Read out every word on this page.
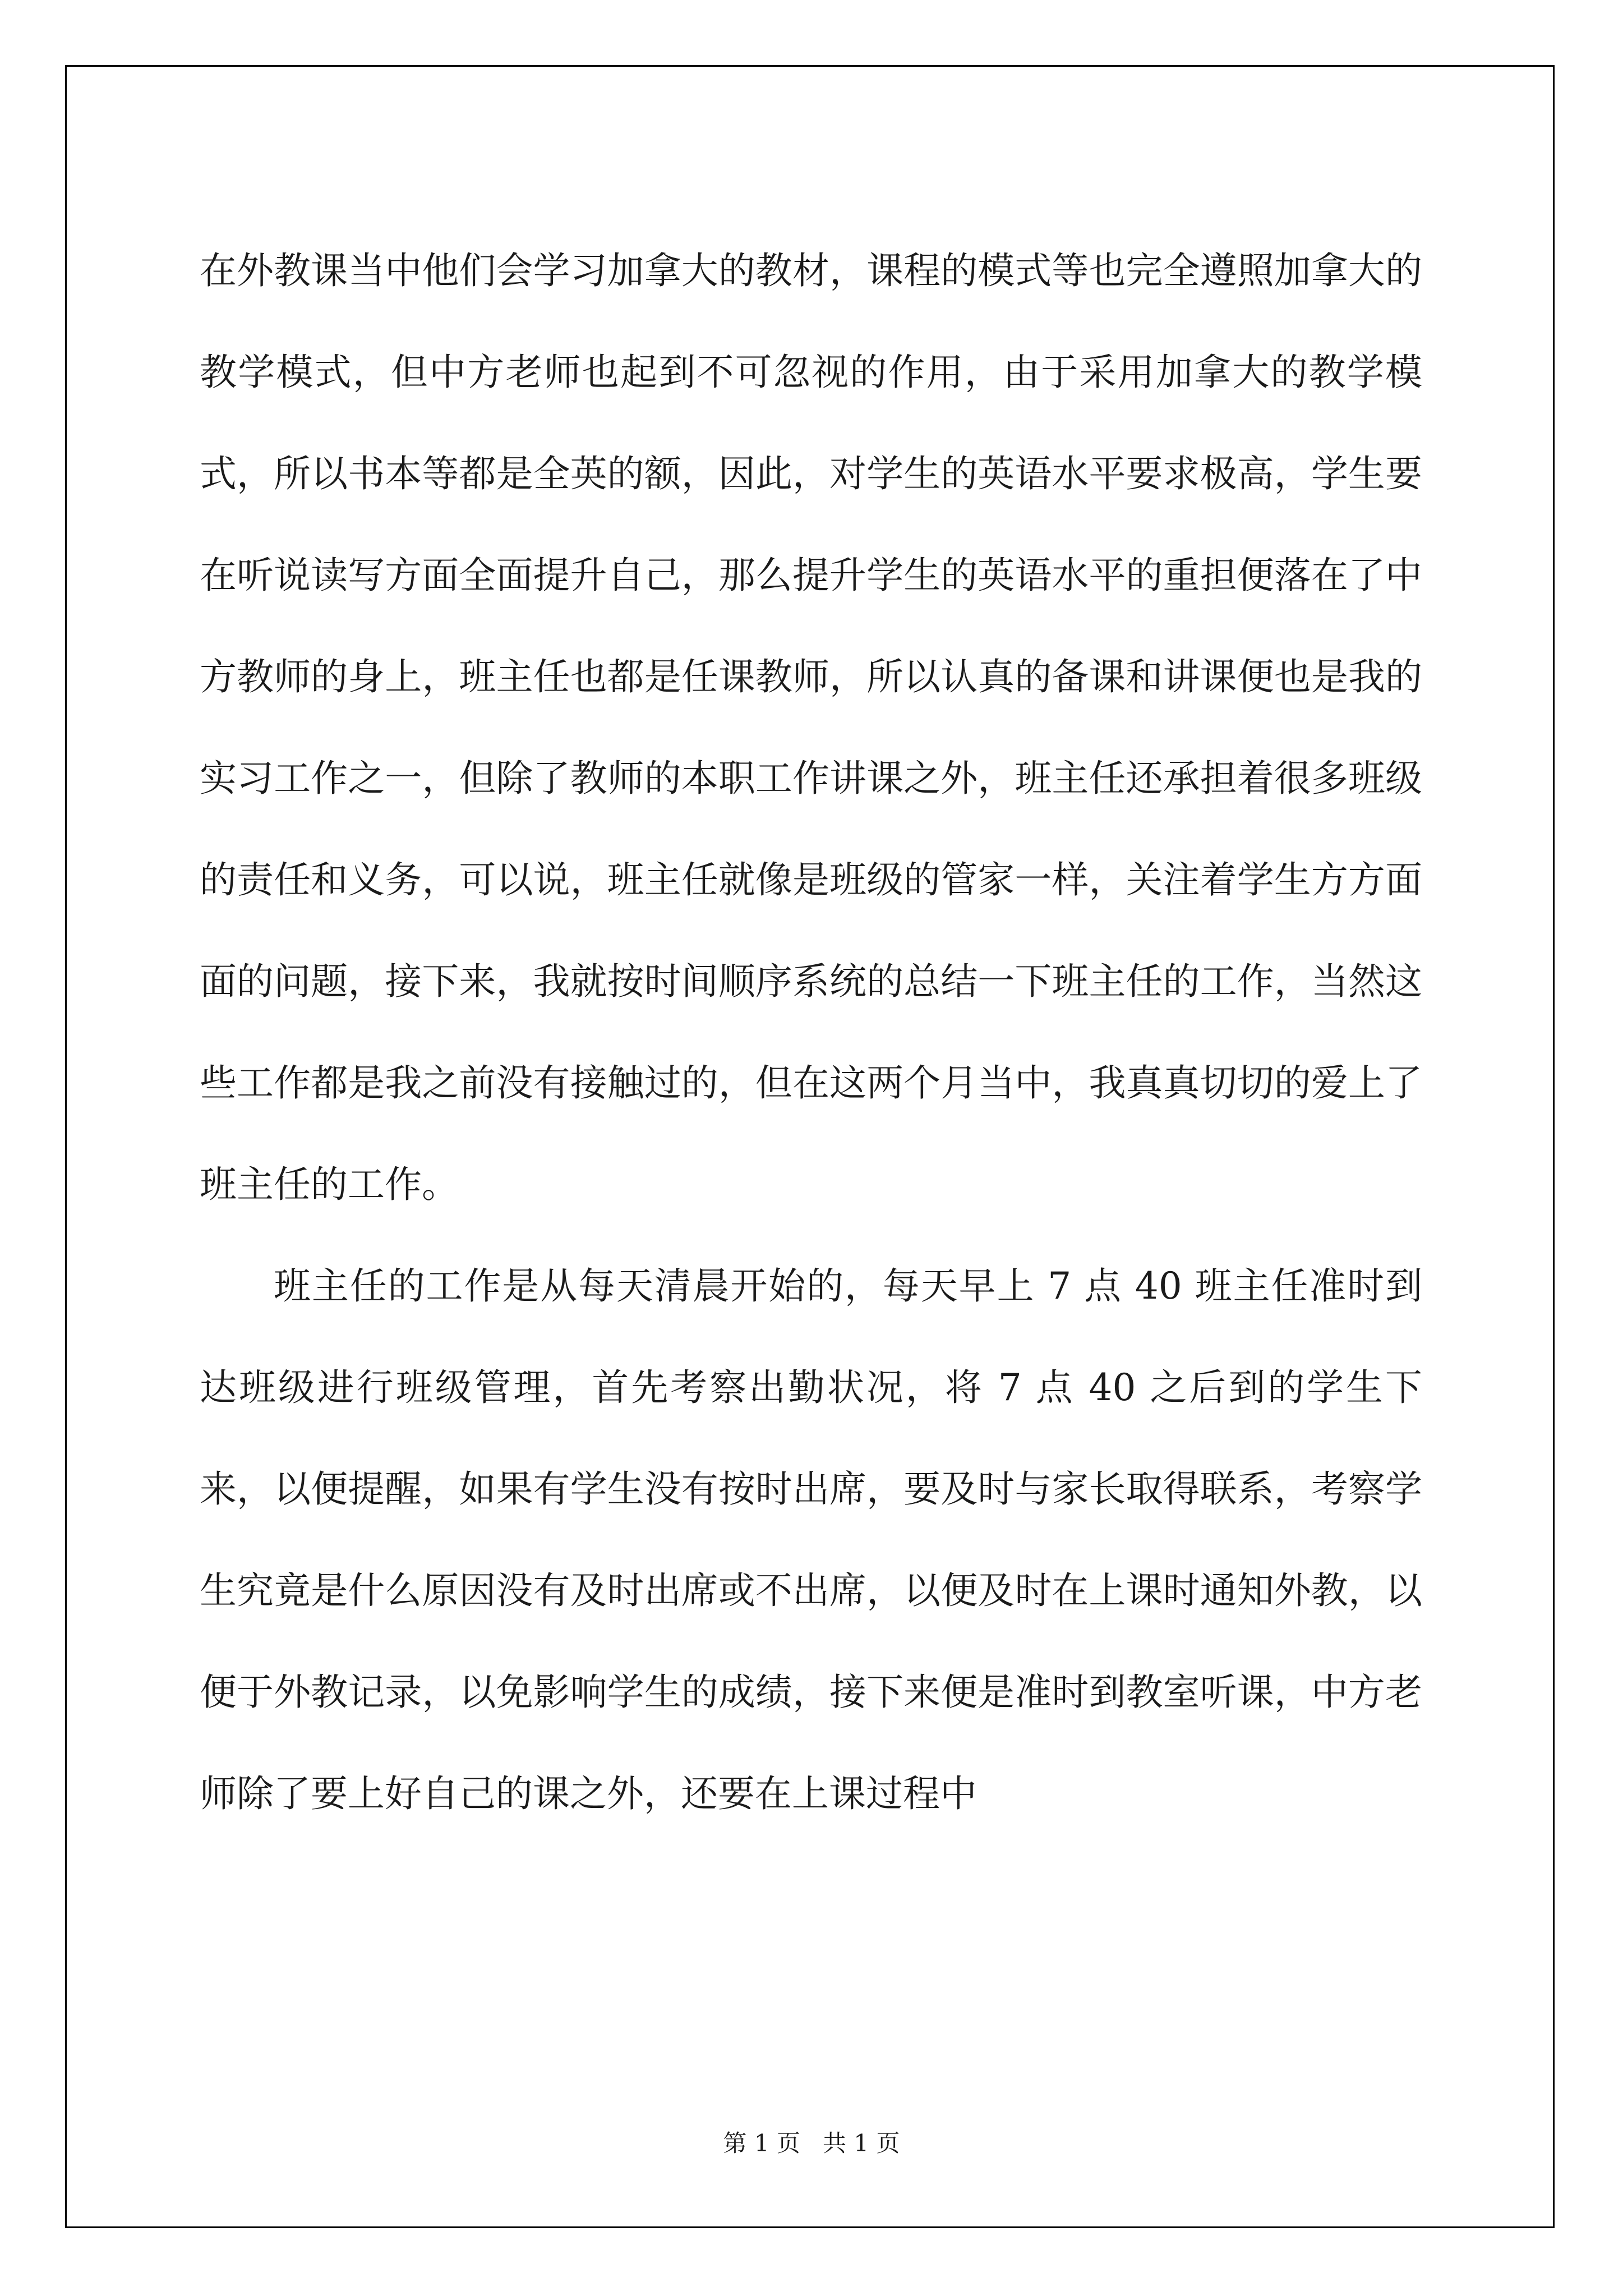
在外教课当中他们会学习加拿大的教材，课程的模式等也完全遵照加拿大的教学模式，但中方老师也起到不可忽视的作用，由于采用加拿大的教学模式，所以书本等都是全英的额，因此，对学生的英语水平要求极高，学生要在听说读写方面全面提升自己，那么提升学生的英语水平的重担便落在了中方教师的身上，班主任也都是任课教师，所以认真的备课和讲课便也是我的实习工作之一，但除了教师的本职工作讲课之外，班主任还承担着很多班级的责任和义务，可以说，班主任就像是班级的管家一样，关注着学生方方面面的问题，接下来，我就按时间顺序系统的总结一下班主任的工作，当然这些工作都是我之前没有接触过的，但在这两个月当中，我真真切切的爱上了班主任的工作。

班主任的工作是从每天清晨开始的，每天早上 7 点 40 班主任准时到达班级进行班级管理，首先考察出勤状况，将 7 点 40 之后到的学生下来，以便提醒，如果有学生没有按时出席，要及时与家长取得联系，考察学生究竟是什么原因没有及时出席或不出席，以便及时在上课时通知外教，以便于外教记录，以免影响学生的成绩，接下来便是准时到教室听课，中方老师除了要上好自己的课之外，还要在上课过程中

第 1 页   共 1 页
